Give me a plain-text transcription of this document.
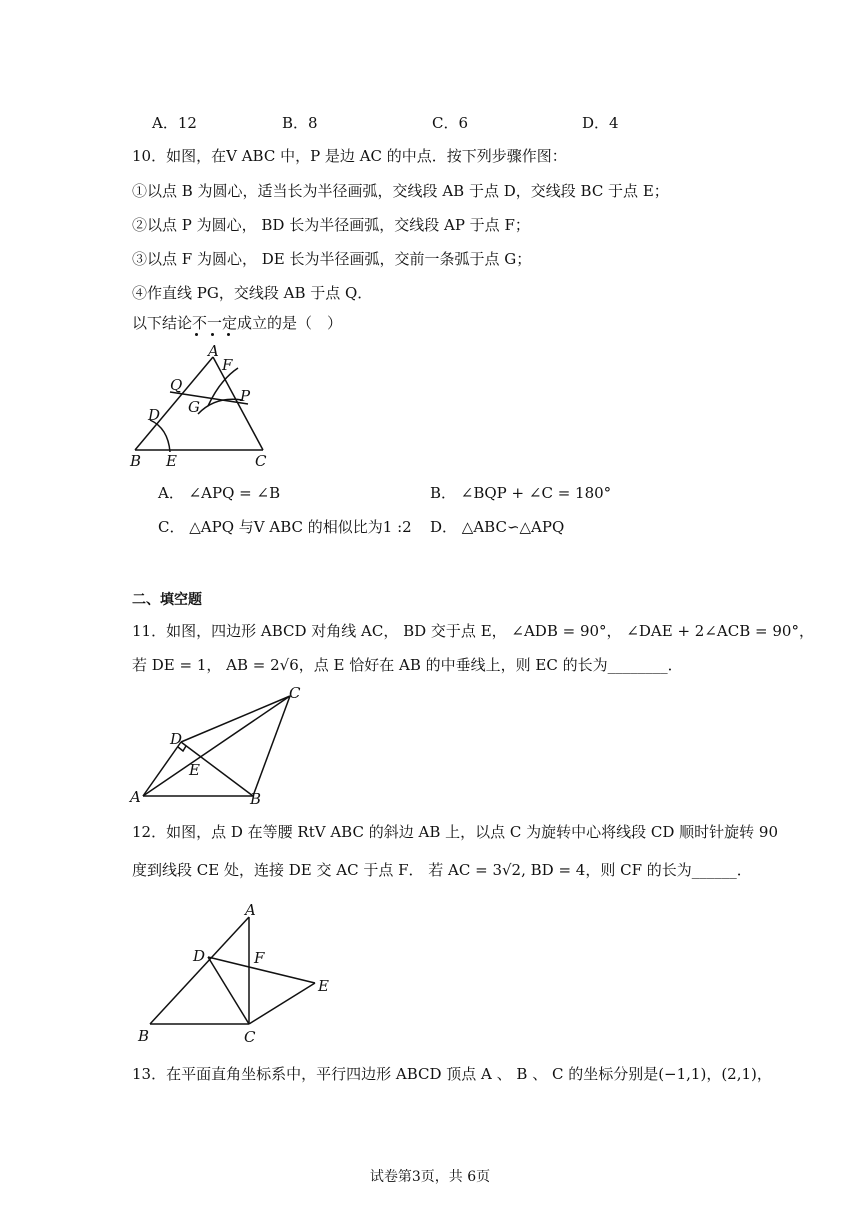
A．12	B．8	C．6	D．4
10．如图，在V ABC 中，P 是边 AC 的中点．按下列步骤作图：
①以点 B 为圆心，适当长为半径画弧，交线段 AB 于点 D，交线段 BC 于点 E；
②以点 P 为圆心， BD 长为半径画弧，交线段 AP 于点 F；
③以点 F 为圆心， DE 长为半径画弧，交前一条弧于点 G；
④作直线 PG，交线段 AB 于点 Q．
以下结论不一定成立的是（　）
A
F
Q
P
G
D
B E	C
A． ∠APQ = ∠B	B． ∠BQP + ∠C = 180°
C． △APQ 与V ABC 的相似比为1 :2 D． △ABC∽△APQ
二、填空题
11．如图，四边形 ABCD 对角线 AC， BD 交于点 E， ∠ADB = 90°， ∠DAE + 2∠ACB = 90°，
若 DE = 1， AB = 2√6，点 E 恰好在 AB 的中垂线上，则 EC 的长为________．
C
D
E
A	B
12．如图，点 D 在等腰 RtV ABC 的斜边 AB 上，以点 C 为旋转中心将线段 CD 顺时针旋转 90
度到线段 CE 处，连接 DE 交 AC 于点 F． 若 AC = 3√2, BD = 4，则 CF 的长为______．
A
D	F
E
B	C
13．在平面直角坐标系中，平行四边形 ABCD 顶点 A 、 B 、 C 的坐标分别是(−1,1)，(2,1)，
试卷第3页，共 6页
